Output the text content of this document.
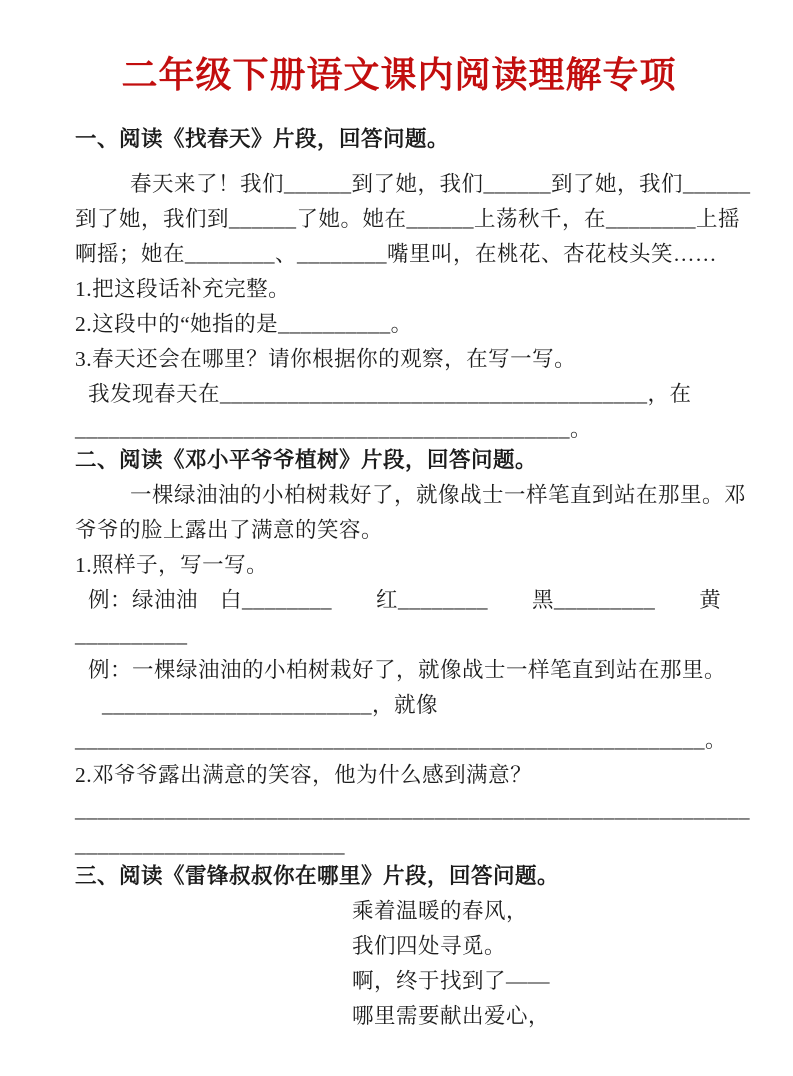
二年级下册语文课内阅读理解专项
一、阅读《找春天》片段，回答问题。
春天来了！我们______到了她，我们______到了她，我们______
到了她，我们到______了她。她在______上荡秋千，在________上摇
啊摇；她在________、________嘴里叫，在桃花、杏花枝头笑……
1.把这段话补充完整。
2.这段中的“她指的是__________。
3.春天还会在哪里？请你根据你的观察，在写一写。
我发现春天在______________________________________，在
____________________________________________。
二、阅读《邓小平爷爷植树》片段，回答问题。
一棵绿油油的小柏树栽好了，就像战士一样笔直到站在那里。邓
爷爷的脸上露出了满意的笑容。
1.照样子，写一写。
例：绿油油　白________　　红________　　黑_________　　黄
__________
例：一棵绿油油的小柏树栽好了，就像战士一样笔直到站在那里。
________________________，就像
________________________________________________________。
2.邓爷爷露出满意的笑容，他为什么感到满意？
____________________________________________________________
________________________
三、阅读《雷锋叔叔你在哪里》片段，回答问题。
乘着温暖的春风，
我们四处寻觅。
啊，终于找到了——
哪里需要献出爱心，
